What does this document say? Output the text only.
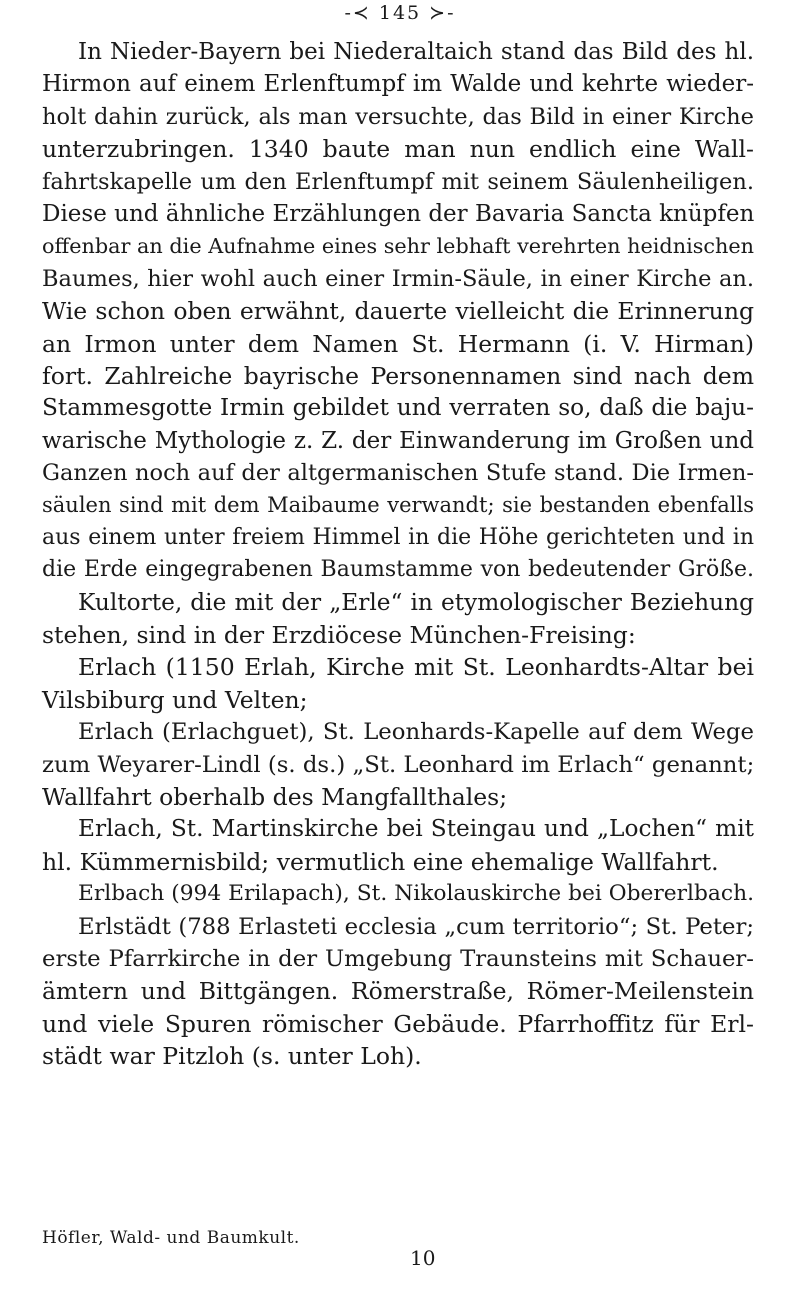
-≺ 145 ≻-
In Nieder-Bayern bei Niederaltaich stand das Bild des hl.
Hirmon auf einem Erlenftumpf im Walde und kehrte wieder-
holt dahin zurück, als man versuchte, das Bild in einer Kirche
unterzubringen. 1340 baute man nun endlich eine Wall-
fahrtskapelle um den Erlenftumpf mit seinem Säulenheiligen.
Diese und ähnliche Erzählungen der Bavaria Sancta knüpfen
offenbar an die Aufnahme eines sehr lebhaft verehrten heidnischen
Baumes, hier wohl auch einer Irmin-Säule, in einer Kirche an.
Wie schon oben erwähnt, dauerte vielleicht die Erinnerung
an Irmon unter dem Namen St. Hermann (i. V. Hirman)
fort. Zahlreiche bayrische Personennamen sind nach dem
Stammesgotte Irmin gebildet und verraten so, daß die baju-
warische Mythologie z. Z. der Einwanderung im Großen und
Ganzen noch auf der altgermanischen Stufe stand. Die Irmen-
säulen sind mit dem Maibaume verwandt; sie bestanden ebenfalls
aus einem unter freiem Himmel in die Höhe gerichteten und in
die Erde eingegrabenen Baumstamme von bedeutender Größe.
Kultorte, die mit der „Erle“ in etymologischer Beziehung
stehen, sind in der Erzdiöcese München-Freising:
Erlach (1150 Erlah, Kirche mit St. Leonhardts-Altar bei
Vilsbiburg und Velten;
Erlach (Erlachguet), St. Leonhards-Kapelle auf dem Wege
zum Weyarer-Lindl (s. ds.) „St. Leonhard im Erlach“ genannt;
Wallfahrt oberhalb des Mangfallthales;
Erlach, St. Martinskirche bei Steingau und „Lochen“ mit
hl. Kümmernisbild; vermutlich eine ehemalige Wallfahrt.
Erlbach (994 Erilapach), St. Nikolauskirche bei Obererlbach.
Erlstädt (788 Erlasteti ecclesia „cum territorio“; St. Peter;
erste Pfarrkirche in der Umgebung Traunsteins mit Schauer-
ämtern und Bittgängen. Römerstraße, Römer-Meilenstein
und viele Spuren römischer Gebäude. Pfarrhoffitz für Erl-
städt war Pitzloh (s. unter Loh).
Höfler, Wald- und Baumkult.
10
